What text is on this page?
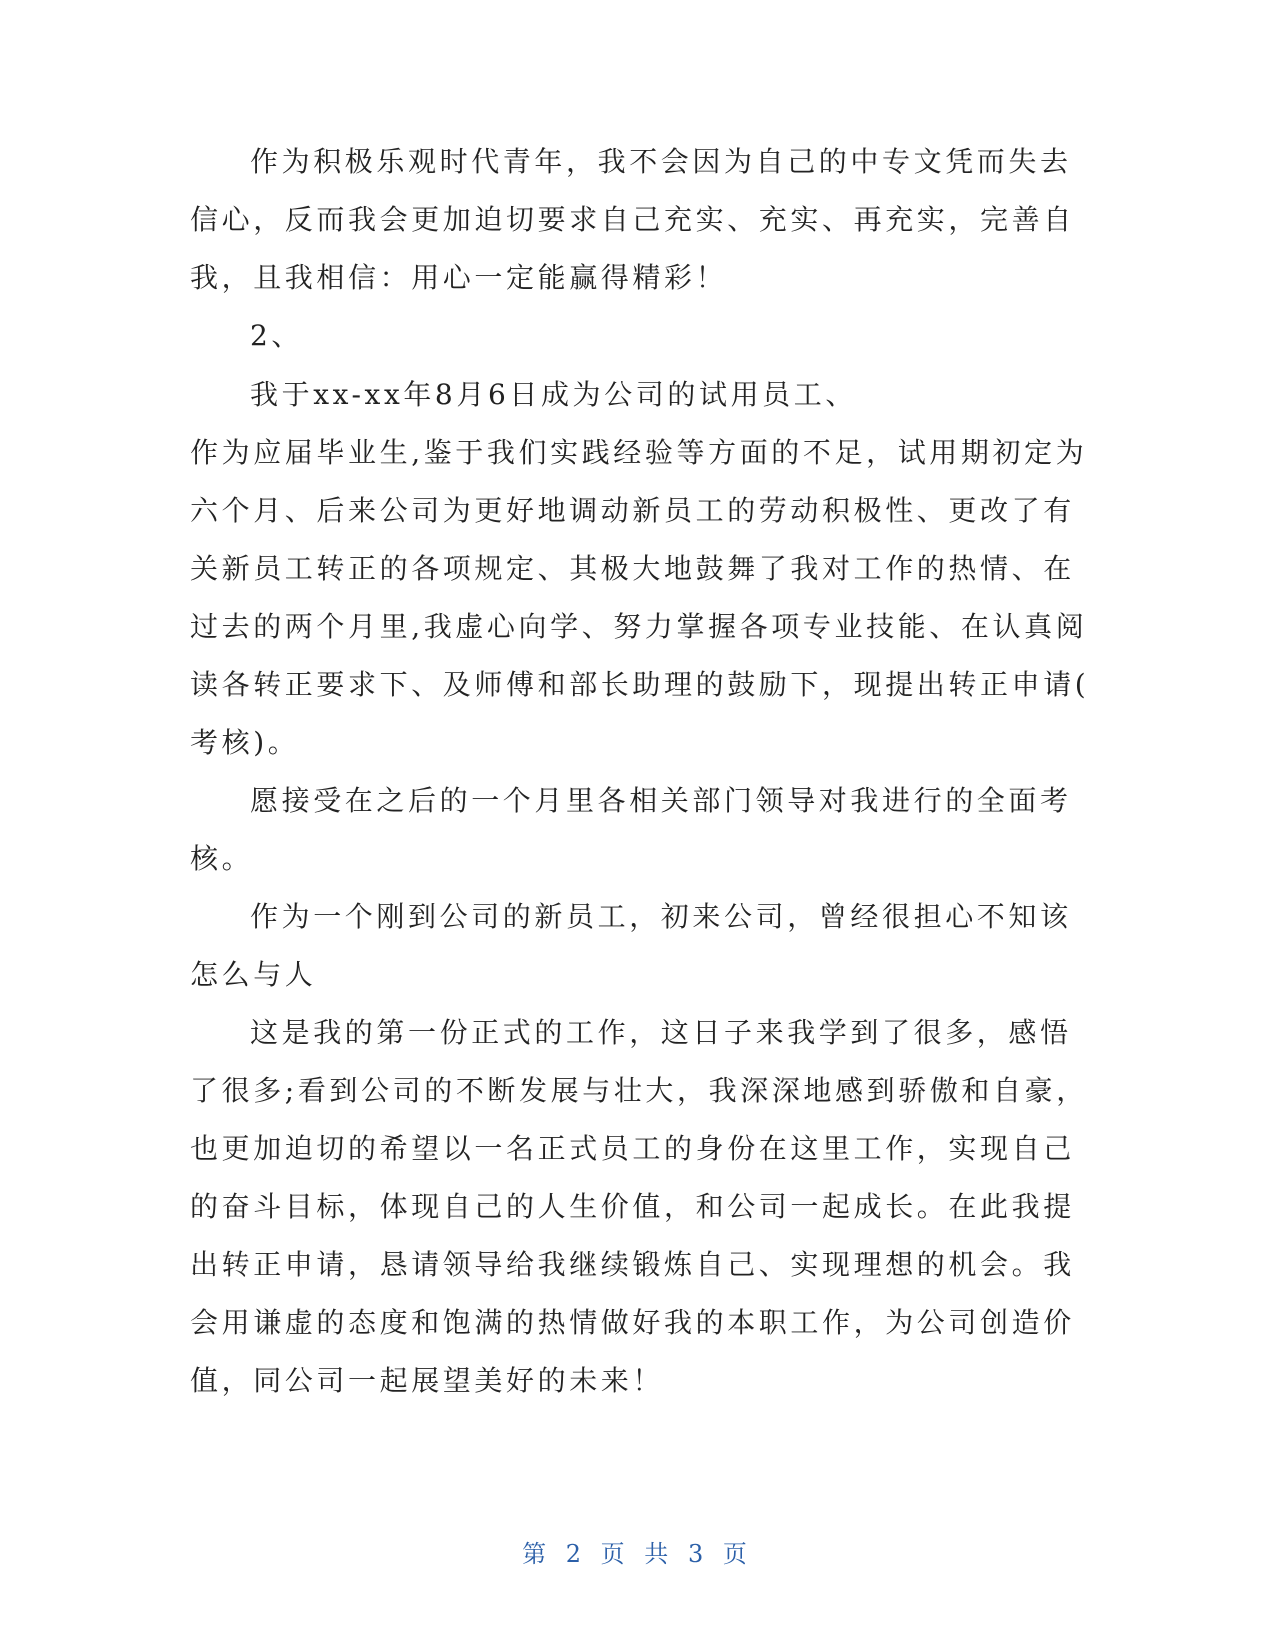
作为积极乐观时代青年，我不会因为自己的中专文凭而失去
信心，反而我会更加迫切要求自己充实、充实、再充实，完善自
我，且我相信：用心一定能赢得精彩！
2、
我于xx-xx年8月6日成为公司的试用员工、
作为应届毕业生,鉴于我们实践经验等方面的不足，试用期初定为
六个月、后来公司为更好地调动新员工的劳动积极性、更改了有
关新员工转正的各项规定、其极大地鼓舞了我对工作的热情、在
过去的两个月里,我虚心向学、努力掌握各项专业技能、在认真阅
读各转正要求下、及师傅和部长助理的鼓励下，现提出转正申请(
考核)。
愿接受在之后的一个月里各相关部门领导对我进行的全面考
核。
作为一个刚到公司的新员工，初来公司，曾经很担心不知该
怎么与人
这是我的第一份正式的工作，这日子来我学到了很多，感悟
了很多;看到公司的不断发展与壮大，我深深地感到骄傲和自豪，
也更加迫切的希望以一名正式员工的身份在这里工作，实现自己
的奋斗目标，体现自己的人生价值，和公司一起成长。在此我提
出转正申请，恳请领导给我继续锻炼自己、实现理想的机会。我
会用谦虚的态度和饱满的热情做好我的本职工作，为公司创造价
值，同公司一起展望美好的未来！
第 2 页 共 3 页
